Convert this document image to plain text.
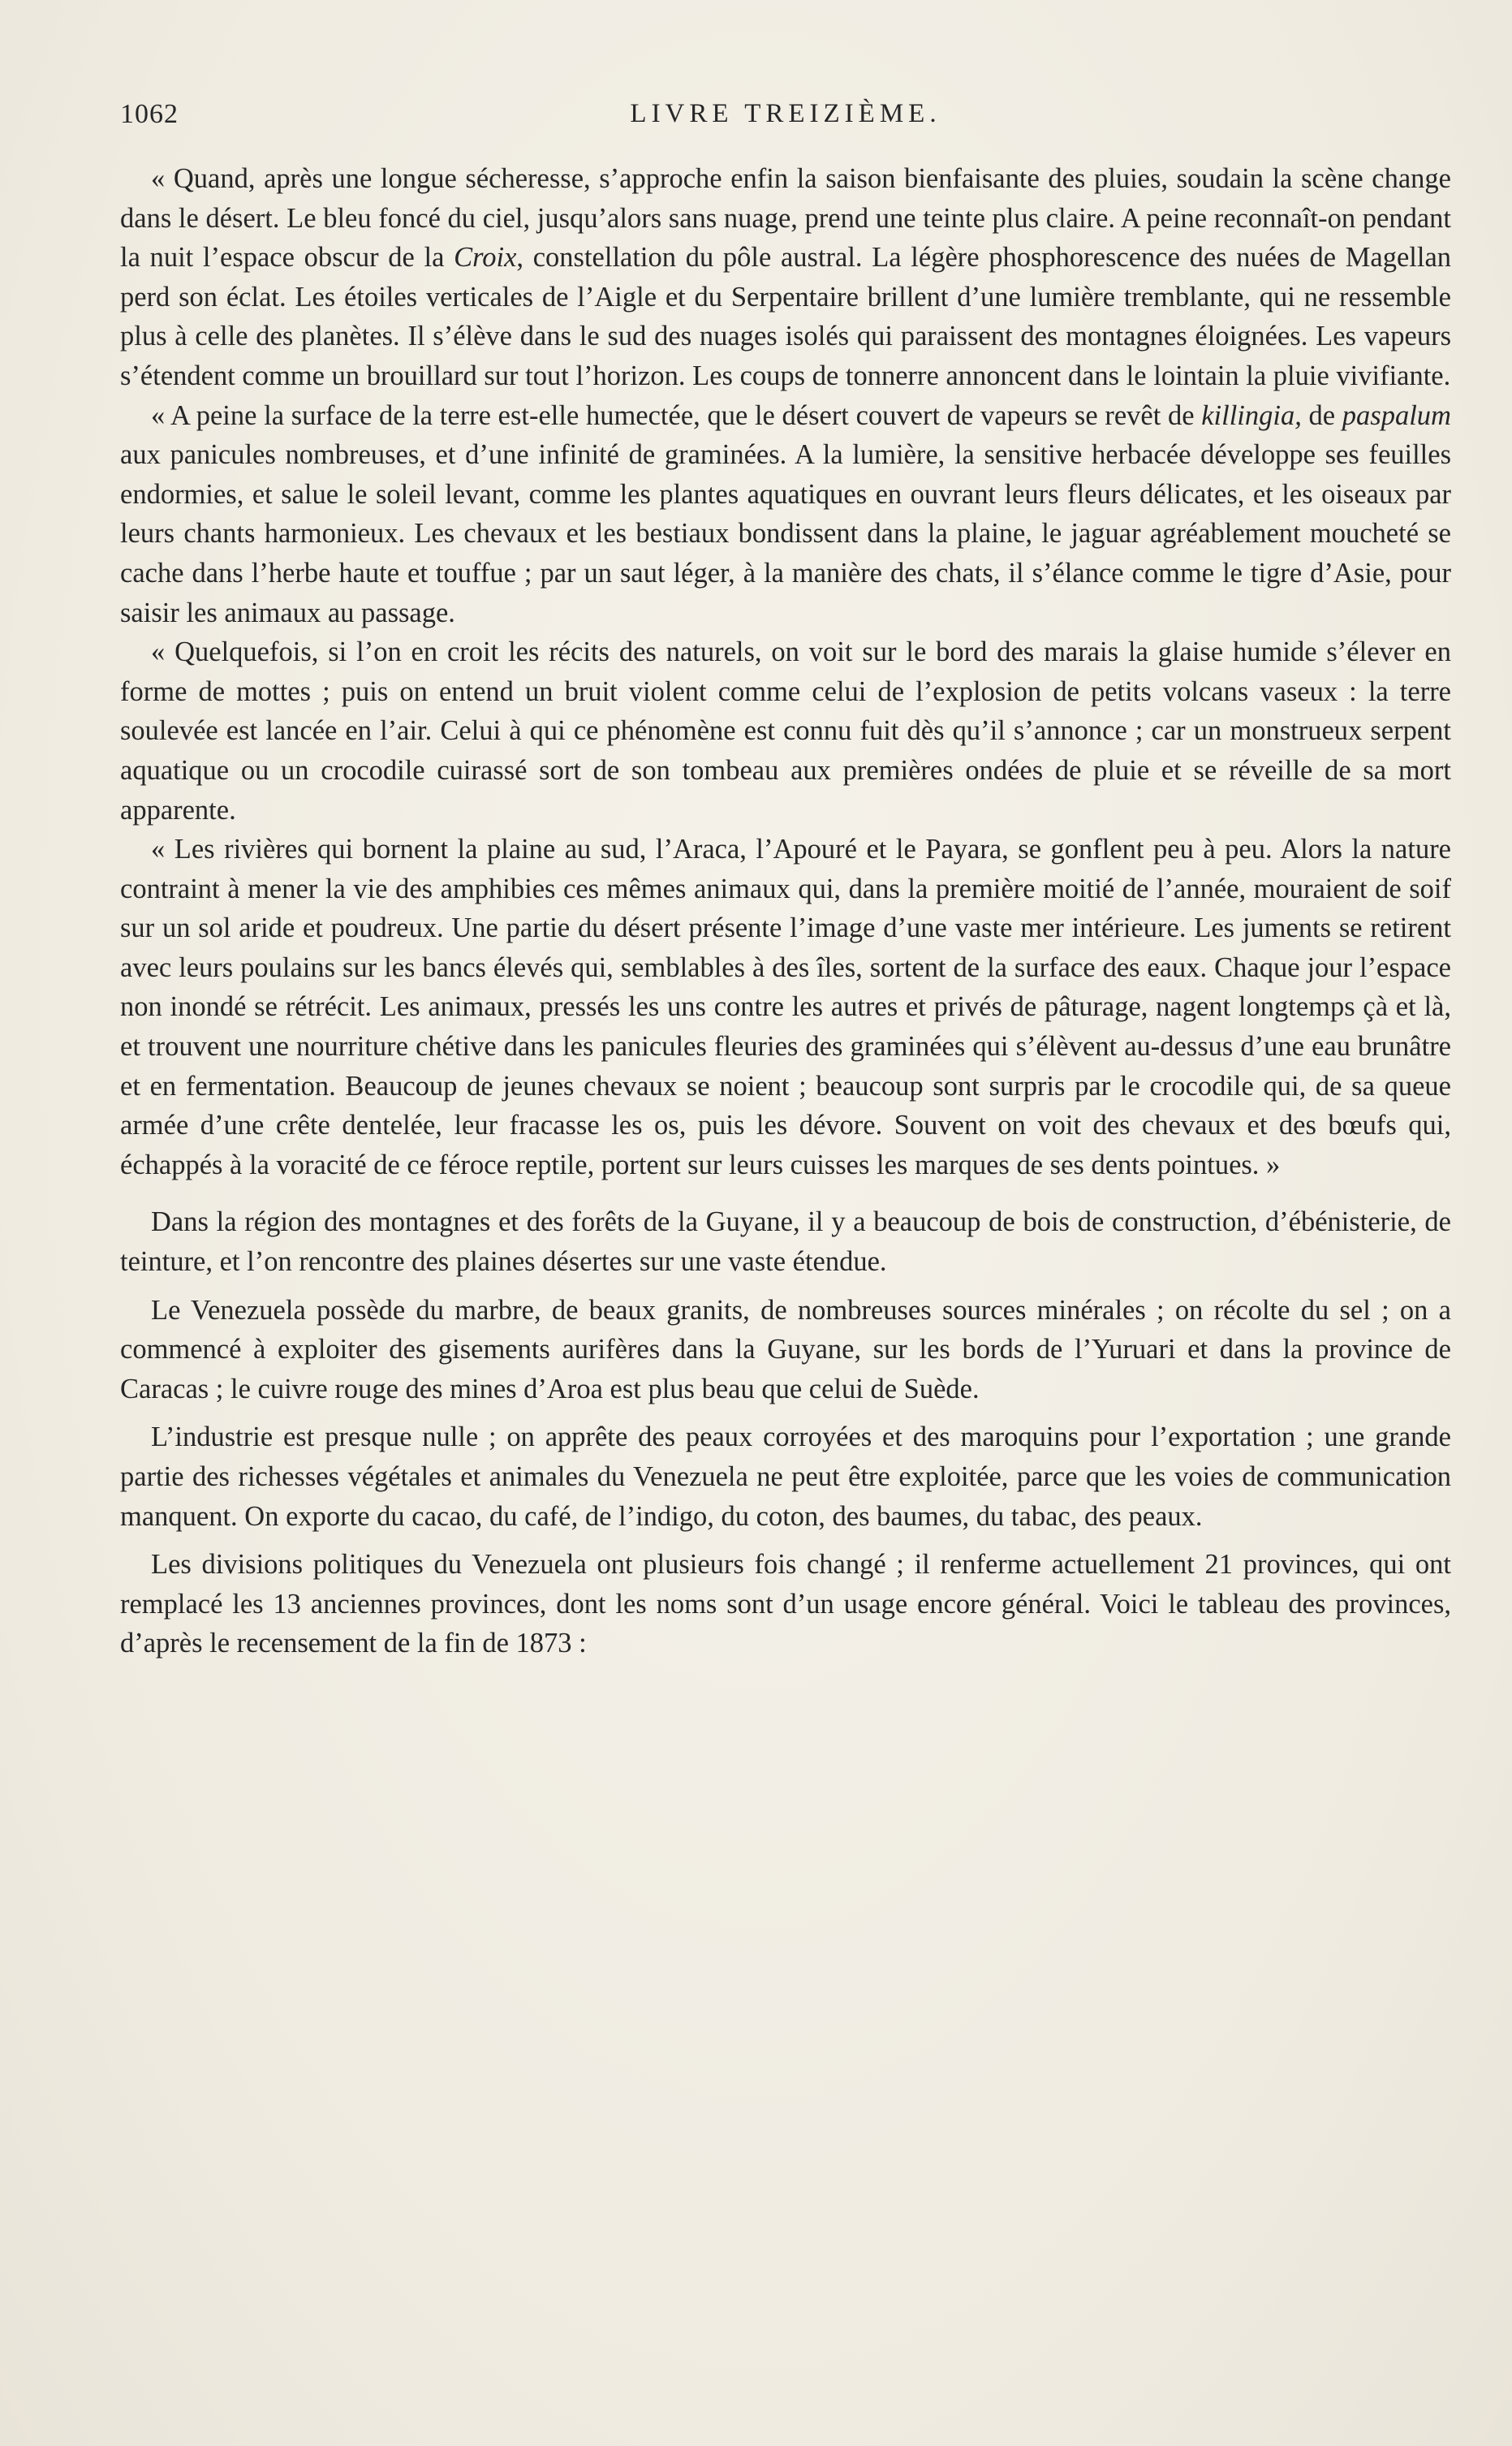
1062	LIVRE TREIZIÈME.

« Quand, après une longue sécheresse, s’approche enfin la saison bienfaisante des pluies, soudain la scène change dans le désert. Le bleu foncé du ciel, jusqu’alors sans nuage, prend une teinte plus claire. A peine reconnaît-on pendant la nuit l’espace obscur de la Croix, constellation du pôle austral. La légère phosphorescence des nuées de Magellan perd son éclat. Les étoiles verticales de l’Aigle et du Serpentaire brillent d’une lumière tremblante, qui ne ressemble plus à celle des planètes. Il s’élève dans le sud des nuages isolés qui paraissent des montagnes éloignées. Les vapeurs s’étendent comme un brouillard sur tout l’horizon. Les coups de tonnerre annoncent dans le lointain la pluie vivifiante.

« A peine la surface de la terre est-elle humectée, que le désert couvert de vapeurs se revêt de killingia, de paspalum aux panicules nombreuses, et d’une infinité de graminées. A la lumière, la sensitive herbacée développe ses feuilles endormies, et salue le soleil levant, comme les plantes aquatiques en ouvrant leurs fleurs délicates, et les oiseaux par leurs chants harmonieux. Les chevaux et les bestiaux bondissent dans la plaine, le jaguar agréablement moucheté se cache dans l’herbe haute et touffue ; par un saut léger, à la manière des chats, il s’élance comme le tigre d’Asie, pour saisir les animaux au passage.

« Quelquefois, si l’on en croit les récits des naturels, on voit sur le bord des marais la glaise humide s’élever en forme de mottes ; puis on entend un bruit violent comme celui de l’explosion de petits volcans vaseux : la terre soulevée est lancée en l’air. Celui à qui ce phénomène est connu fuit dès qu’il s’annonce ; car un monstrueux serpent aquatique ou un crocodile cuirassé sort de son tombeau aux premières ondées de pluie et se réveille de sa mort apparente.

« Les rivières qui bornent la plaine au sud, l’Araca, l’Apouré et le Payara, se gonflent peu à peu. Alors la nature contraint à mener la vie des amphibies ces mêmes animaux qui, dans la première moitié de l’année, mouraient de soif sur un sol aride et poudreux. Une partie du désert présente l’image d’une vaste mer intérieure. Les juments se retirent avec leurs poulains sur les bancs élevés qui, semblables à des îles, sortent de la surface des eaux. Chaque jour l’espace non inondé se rétrécit. Les animaux, pressés les uns contre les autres et privés de pâturage, nagent longtemps çà et là, et trouvent une nourriture chétive dans les panicules fleuries des graminées qui s’élèvent au-dessus d’une eau brunâtre et en fermentation. Beaucoup de jeunes chevaux se noient ; beaucoup sont surpris par le crocodile qui, de sa queue armée d’une crête dentelée, leur fracasse les os, puis les dévore. Souvent on voit des chevaux et des bœufs qui, échappés à la voracité de ce féroce reptile, portent sur leurs cuisses les marques de ses dents pointues. »

Dans la région des montagnes et des forêts de la Guyane, il y a beaucoup de bois de construction, d’ébénisterie, de teinture, et l’on rencontre des plaines désertes sur une vaste étendue.

Le Venezuela possède du marbre, de beaux granits, de nombreuses sources minérales ; on récolte du sel ; on a commencé à exploiter des gisements aurifères dans la Guyane, sur les bords de l’Yuruari et dans la province de Caracas ; le cuivre rouge des mines d’Aroa est plus beau que celui de Suède.

L’industrie est presque nulle ; on apprête des peaux corroyées et des maroquins pour l’exportation ; une grande partie des richesses végétales et animales du Venezuela ne peut être exploitée, parce que les voies de communication manquent. On exporte du cacao, du café, de l’indigo, du coton, des baumes, du tabac, des peaux.

Les divisions politiques du Venezuela ont plusieurs fois changé ; il renferme actuellement 21 provinces, qui ont remplacé les 13 anciennes provinces, dont les noms sont d’un usage encore général. Voici le tableau des provinces, d’après le recensement de la fin de 1873 :
